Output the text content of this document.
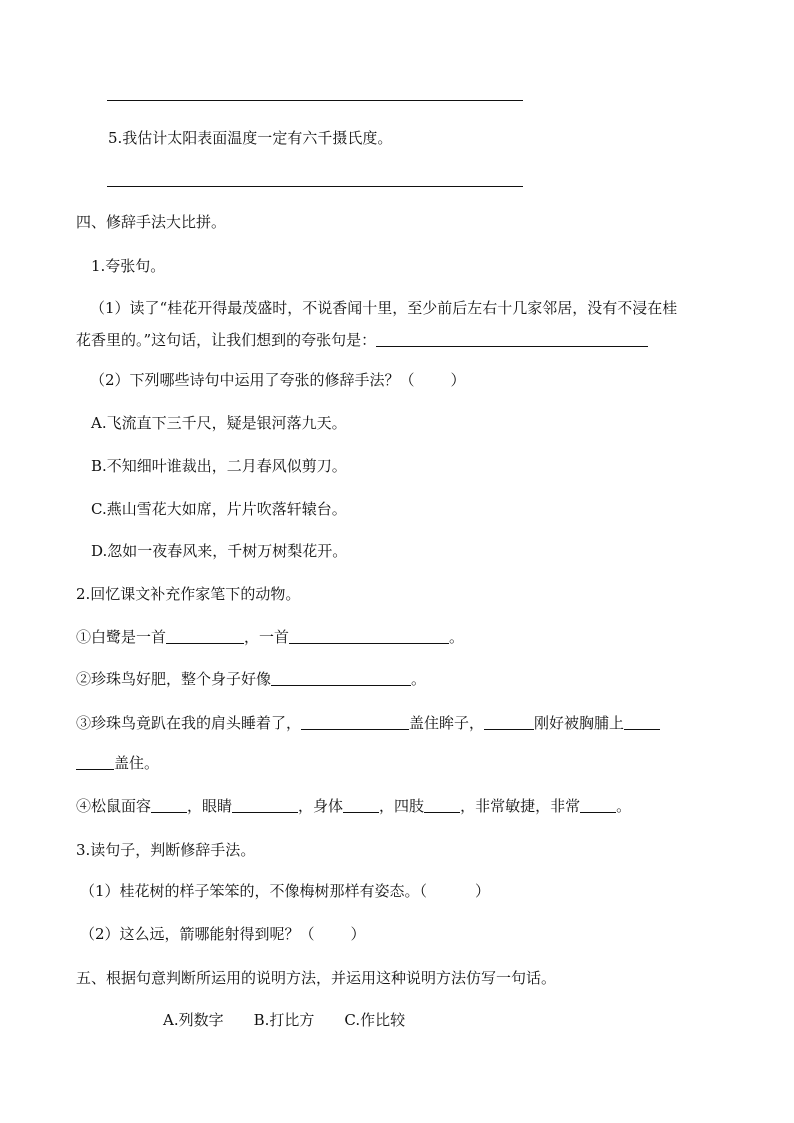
5.我估计太阳表面温度一定有六千摄氏度。
四、修辞手法大比拼。
1.夸张句。
（1）读了“桂花开得最茂盛时，不说香闻十里，至少前后左右十几家邻居，没有不浸在桂
花香里的。”这句话，让我们想到的夸张句是：
（2）下列哪些诗句中运用了夸张的修辞手法？（ ）
A.飞流直下三千尺，疑是银河落九天。
B.不知细叶谁裁出，二月春风似剪刀。
C.燕山雪花大如席，片片吹落轩辕台。
D.忽如一夜春风来，千树万树梨花开。
2.回忆课文补充作家笔下的动物。
①白鹭是一首	，一首	。
②珍珠鸟好肥，整个身子好像	。
③珍珠鸟竟趴在我的肩头睡着了，	盖住眸子，	刚好被胸脯上
盖住。
④松鼠面容 ，眼睛	，身体 ，四肢 ，非常敏捷，非常 。
3.读句子，判断修辞手法。
（1）桂花树的样子笨笨的，不像梅树那样有姿态。（	）
（2）这么远，箭哪能射得到呢？（ ）
五、根据句意判断所运用的说明方法，并运用这种说明方法仿写一句话。
A.列数字 B.打比方 C.作比较
